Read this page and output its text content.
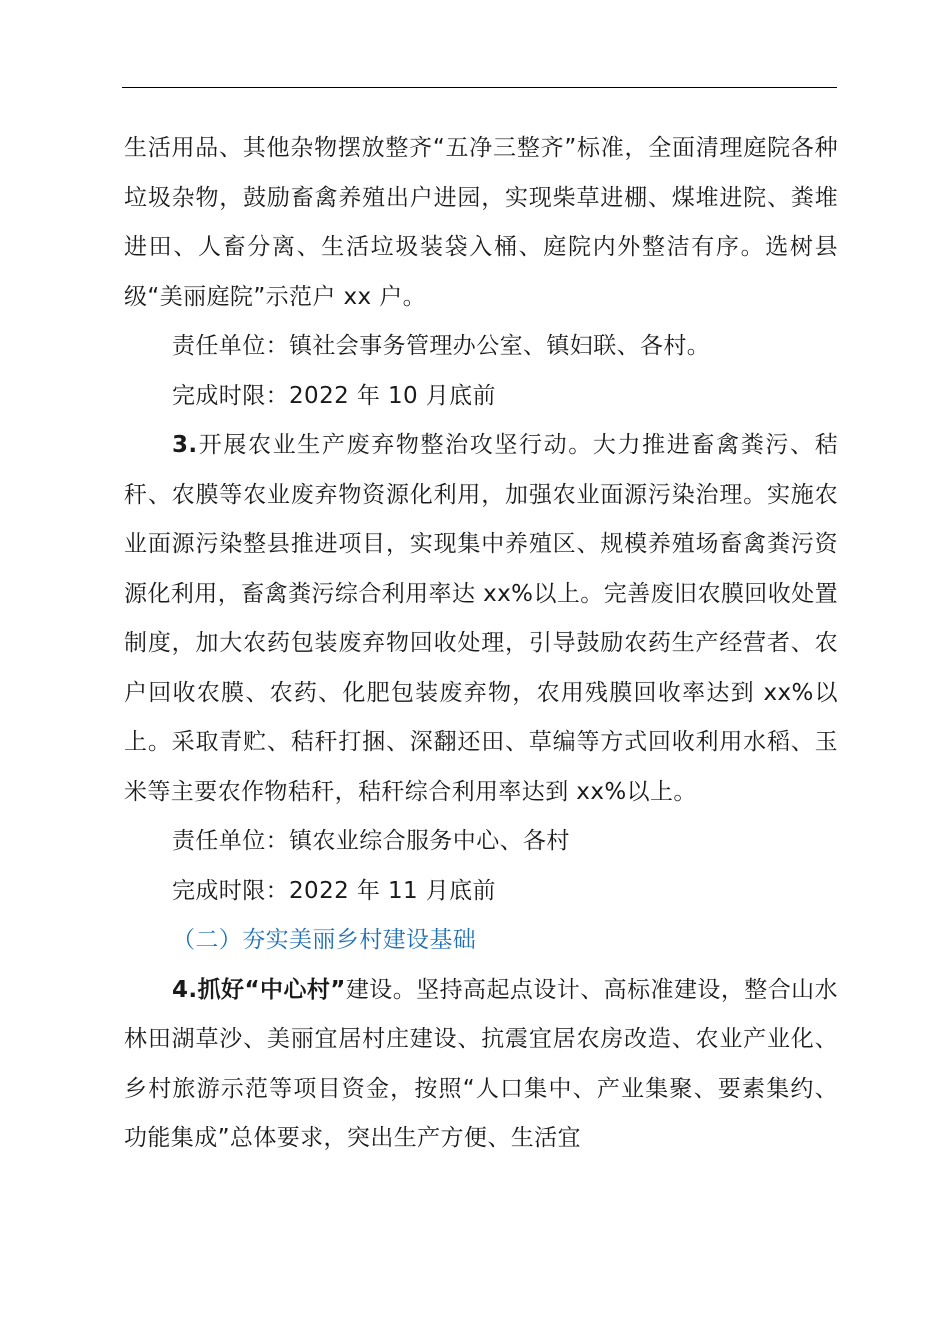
生活用品、其他杂物摆放整齐“五净三整齐”标准，全面清理庭院各种垃圾杂物，鼓励畜禽养殖出户进园，实现柴草进棚、煤堆进院、粪堆进田、人畜分离、生活垃圾装袋入桶、庭院内外整洁有序。选树县级“美丽庭院”示范户 xx 户。

责任单位：镇社会事务管理办公室、镇妇联、各村。

完成时限：2022 年 10 月底前

3.开展农业生产废弃物整治攻坚行动。大力推进畜禽粪污、秸秆、农膜等农业废弃物资源化利用，加强农业面源污染治理。实施农业面源污染整县推进项目，实现集中养殖区、规模养殖场畜禽粪污资源化利用，畜禽粪污综合利用率达 xx%以上。完善废旧农膜回收处置制度，加大农药包装废弃物回收处理，引导鼓励农药生产经营者、农户回收农膜、农药、化肥包装废弃物，农用残膜回收率达到 xx%以上。采取青贮、秸秆打捆、深翻还田、草编等方式回收利用水稻、玉米等主要农作物秸秆，秸秆综合利用率达到 xx%以上。

责任单位：镇农业综合服务中心、各村

完成时限：2022 年 11 月底前

（二）夯实美丽乡村建设基础

4.抓好“中心村”建设。坚持高起点设计、高标准建设，整合山水林田湖草沙、美丽宜居村庄建设、抗震宜居农房改造、农业产业化、乡村旅游示范等项目资金，按照“人口集中、产业集聚、要素集约、功能集成”总体要求，突出生产方便、生活宜
